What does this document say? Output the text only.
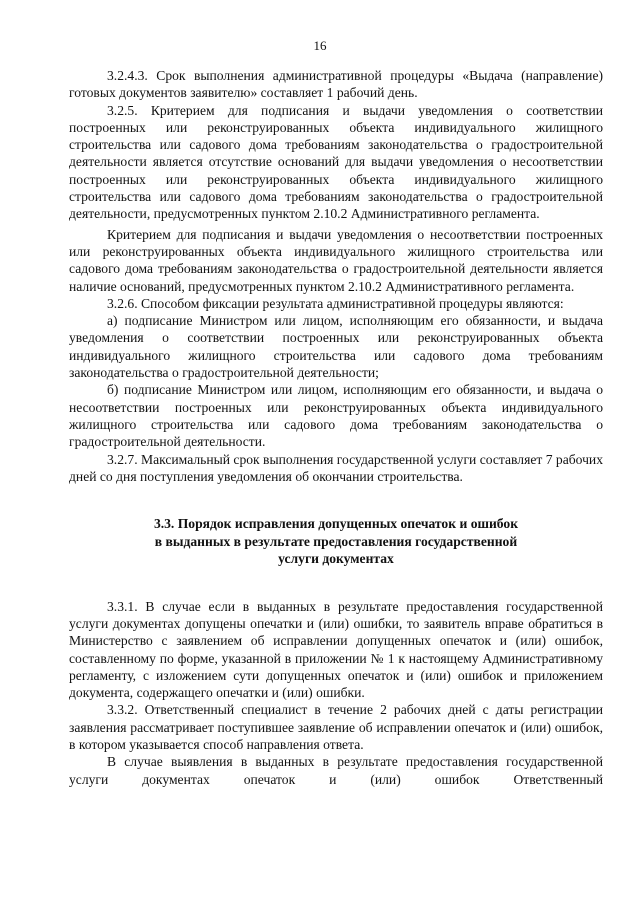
16

3.2.4.3. Срок выполнения административной процедуры «Выдача (направление) готовых документов заявителю» составляет 1 рабочий день.

3.2.5. Критерием для подписания и выдачи уведомления о соответствии построенных или реконструированных объекта индивидуального жилищного строительства или садового дома требованиям законодательства о градостроительной деятельности является отсутствие оснований для выдачи уведомления о несоответствии построенных или реконструированных объекта индивидуального жилищного строительства или садового дома требованиям законодательства о градостроительной деятельности, предусмотренных пунктом 2.10.2 Административного регламента.

Критерием для подписания и выдачи уведомления о несоответствии построенных или реконструированных объекта индивидуального жилищного строительства или садового дома требованиям законодательства о градостроительной деятельности является наличие оснований, предусмотренных пунктом 2.10.2 Административного регламента.

3.2.6. Способом фиксации результата административной процедуры являются:

а) подписание Министром или лицом, исполняющим его обязанности, и выдача уведомления о соответствии построенных или реконструированных объекта индивидуального жилищного строительства или садового дома требованиям законодательства о градостроительной деятельности;

б) подписание Министром или лицом, исполняющим его обязанности, и выдача о несоответствии построенных или реконструированных объекта индивидуального жилищного строительства или садового дома требованиям законодательства о градостроительной деятельности.

3.2.7. Максимальный срок выполнения государственной услуги составляет 7 рабочих дней со дня поступления уведомления об окончании строительства.

3.3. Порядок исправления допущенных опечаток и ошибок
в выданных в результате предоставления государственной
услуги документах

3.3.1. В случае если в выданных в результате предоставления государственной услуги документах допущены опечатки и (или) ошибки, то заявитель вправе обратиться в Министерство с заявлением об исправлении допущенных опечаток и (или) ошибок, составленному по форме, указанной в приложении № 1 к настоящему Административному регламенту, с изложением сути допущенных опечаток и (или) ошибок и приложением документа, содержащего опечатки и (или) ошибки.

3.3.2. Ответственный специалист в течение 2 рабочих дней с даты регистрации заявления рассматривает поступившее заявление об исправлении опечаток и (или) ошибок, в котором указывается способ направления ответа.

В случае выявления в выданных в результате предоставления государственной услуги документах опечаток и (или) ошибок Ответственный
